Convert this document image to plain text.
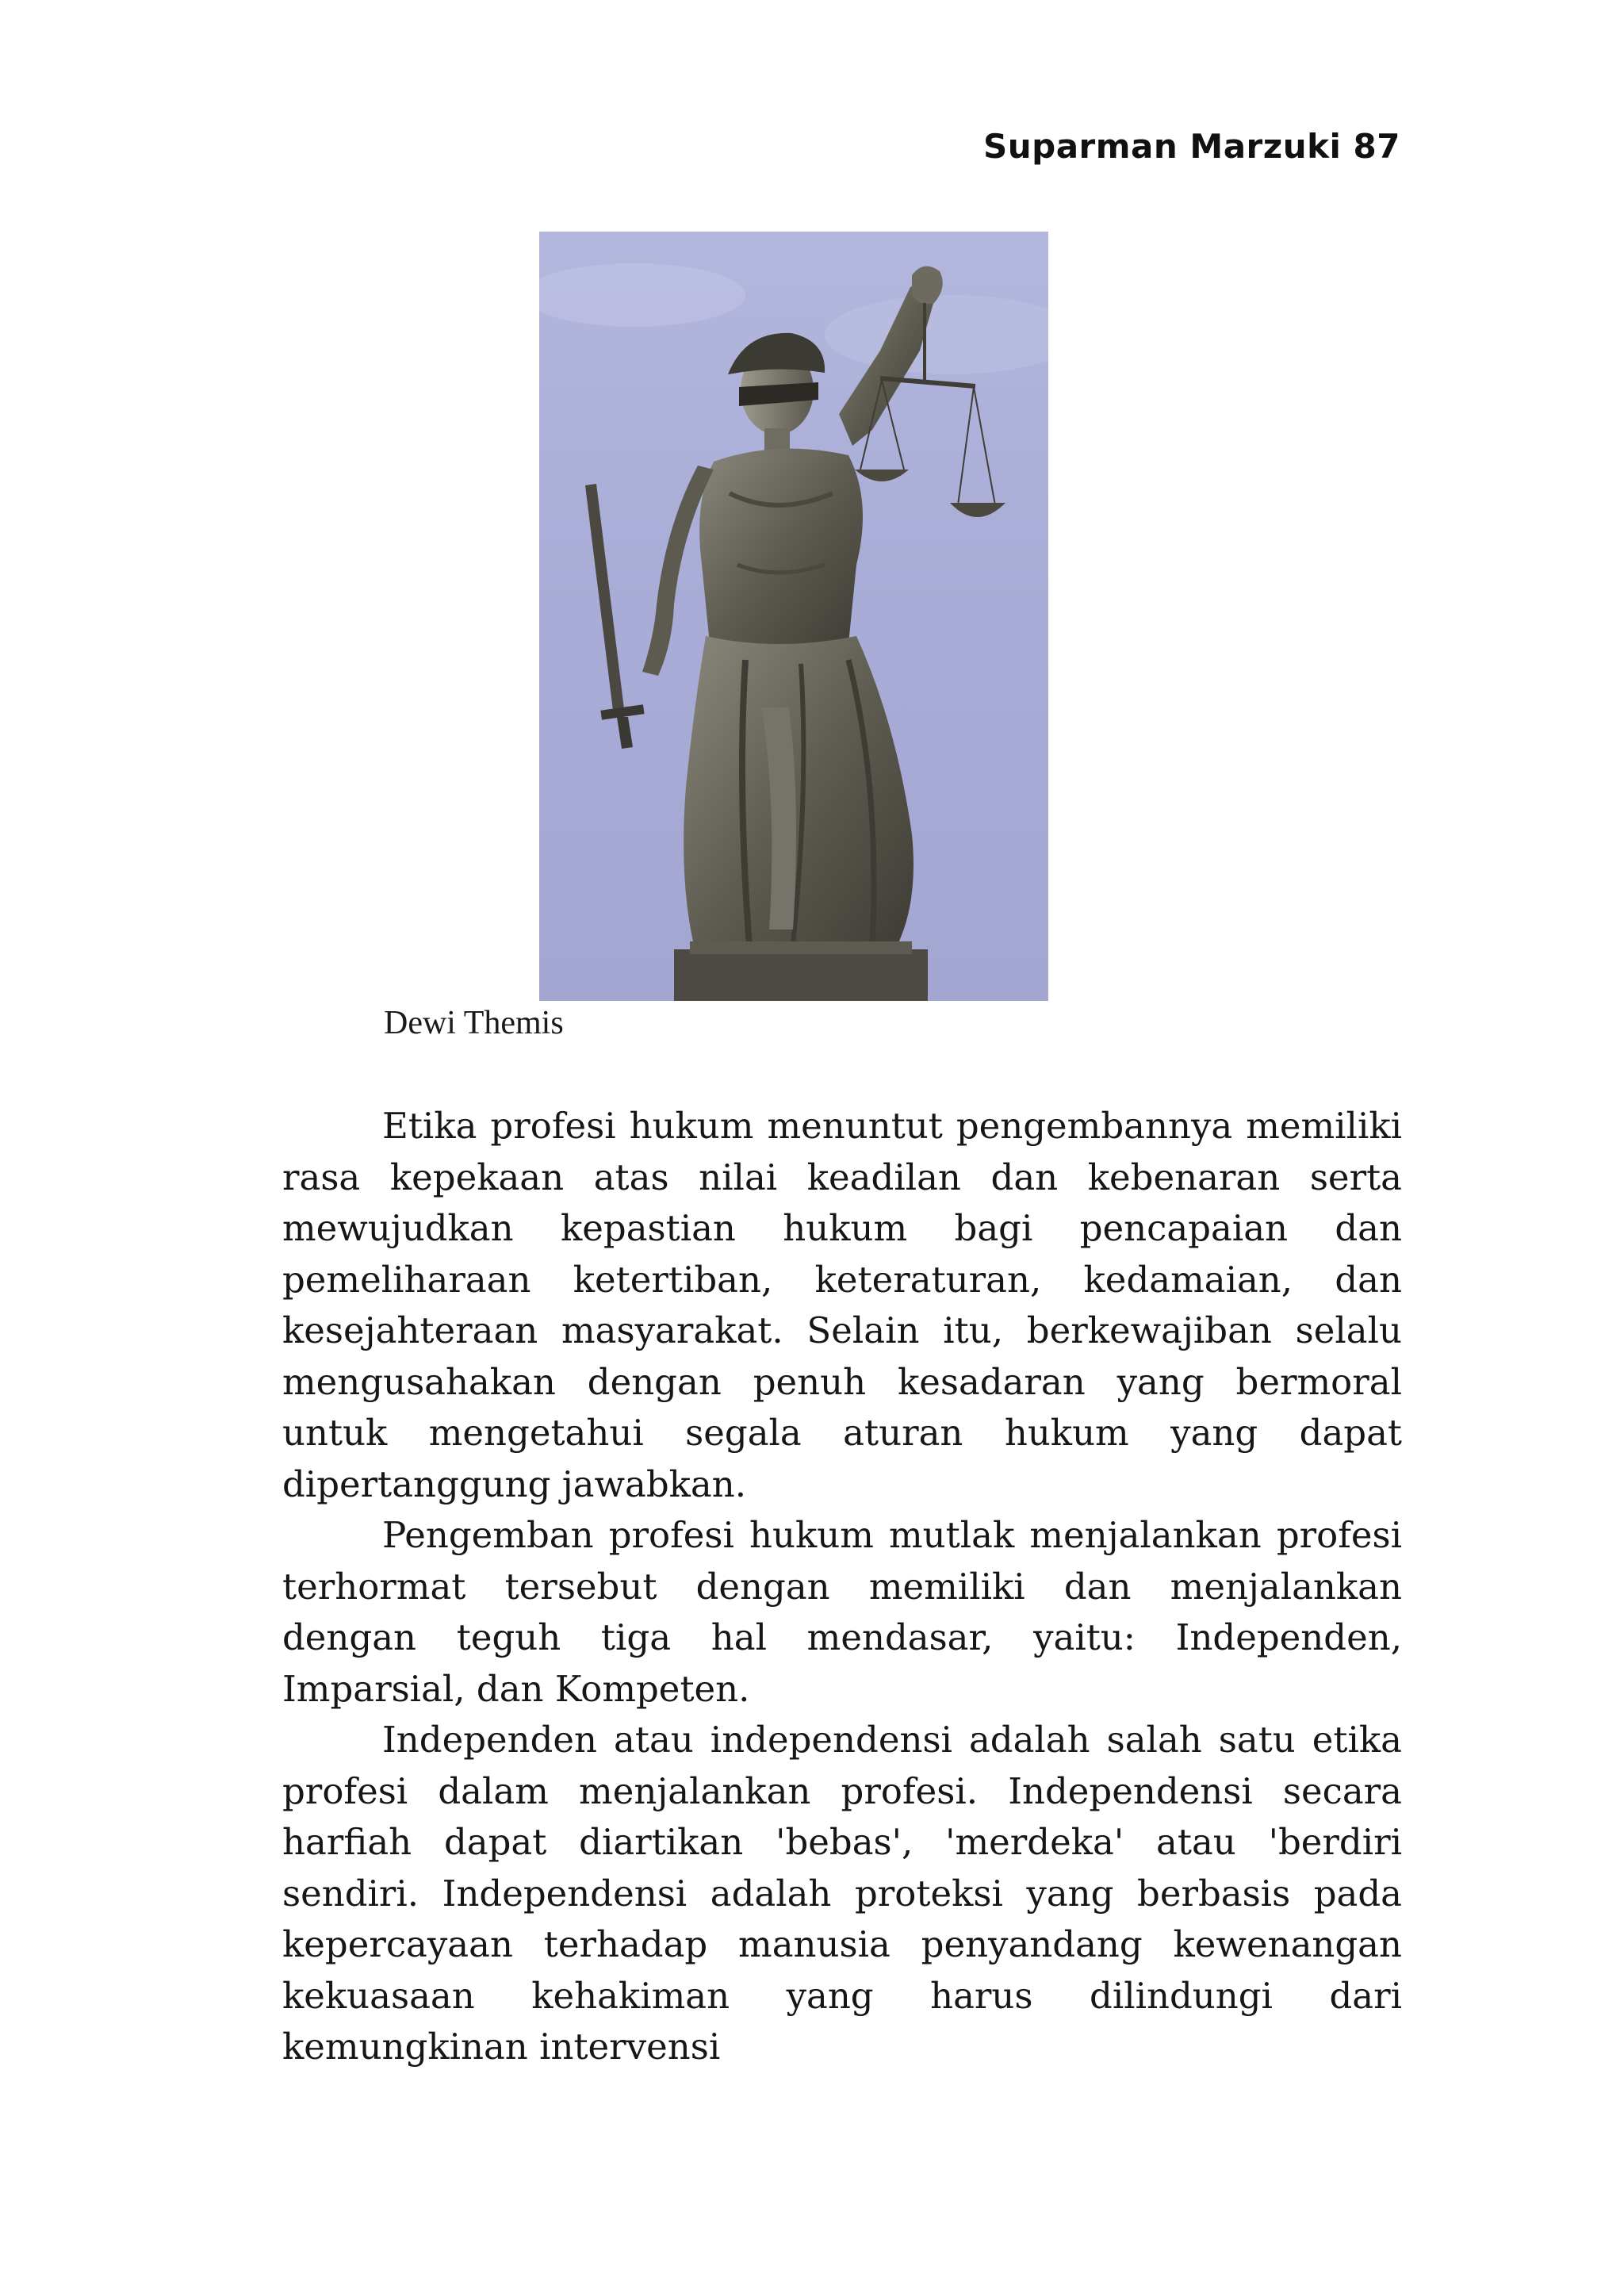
Suparman Marzuki 87
Dewi Themis

Etika profesi hukum menuntut pengembannya memiliki rasa kepekaan atas nilai keadilan dan kebenaran serta mewujudkan kepastian hukum bagi pencapaian dan pemeliharaan ketertiban, keteraturan, kedamaian, dan kesejahteraan masyarakat. Selain itu, berkewajiban selalu mengusahakan dengan penuh kesadaran yang bermoral untuk mengetahui segala aturan hukum yang dapat dipertanggung jawabkan.

Pengemban profesi hukum mutlak menjalankan profesi terhormat tersebut dengan memiliki dan menjalankan dengan teguh tiga hal mendasar, yaitu: Independen, Imparsial, dan Kompeten.

Independen atau independensi adalah salah satu etika profesi dalam menjalankan profesi. Independensi secara harfiah dapat diartikan 'bebas', 'merdeka' atau 'berdiri sendiri. Independensi adalah proteksi yang berbasis pada kepercayaan terhadap manusia penyandang kewenangan kekuasaan kehakiman yang harus dilindungi dari kemungkinan intervensi
